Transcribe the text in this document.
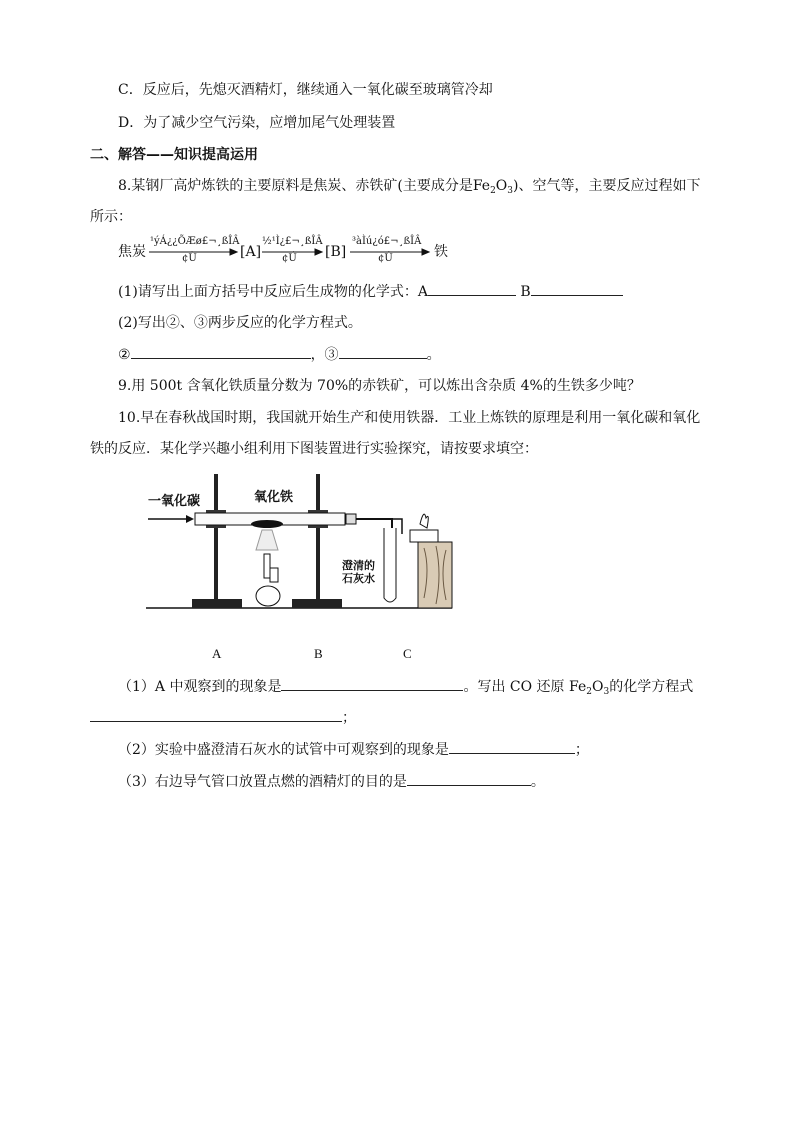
C．反应后，先熄灭酒精灯，继续通入一氧化碳至玻璃管冷却
D．为了减少空气污染，应增加尾气处理装置
二、解答——知识提高运用
8.某钢厂高炉炼铁的主要原料是焦炭、赤铁矿(主要成分是$Fe_2O_3$)、空气等，主要反应过程如下
所示：
焦炭
¹ýÁ¿¿ÕÆø£¬¸ßÎÂ
¢Ù	[A]
½¹Ì¿£¬¸ßÎÂ
¢Ú [B]
³àÌú¿ó£¬¸ßÎÂ
¢Û	铁
(1)请写出上面方括号中反应后生成物的化学式：A	B
(2)写出②、③两步反应的化学方程式。
②	，③	。
9.用 500t 含氧化铁质量分数为 70%的赤铁矿，可以炼出含杂质 4%的生铁多少吨？
10.早在春秋战国时期，我国就开始生产和使用铁器．工业上炼铁的原理是利用一氧化碳和氧化
铁的反应．某化学兴趣小组利用下图装置进行实验探究，请按要求填空：
一氧化碳	氧化铁
澄清的
石灰水
A	B	C
（1）A 中观察到的现象是	。写出 CO 还原 $Fe_2O_3$的化学方程式
；
（2）实验中盛澄清石灰水的试管中可观察到的现象是	；
（3）右边导气管口放置点燃的酒精灯的目的是	。
